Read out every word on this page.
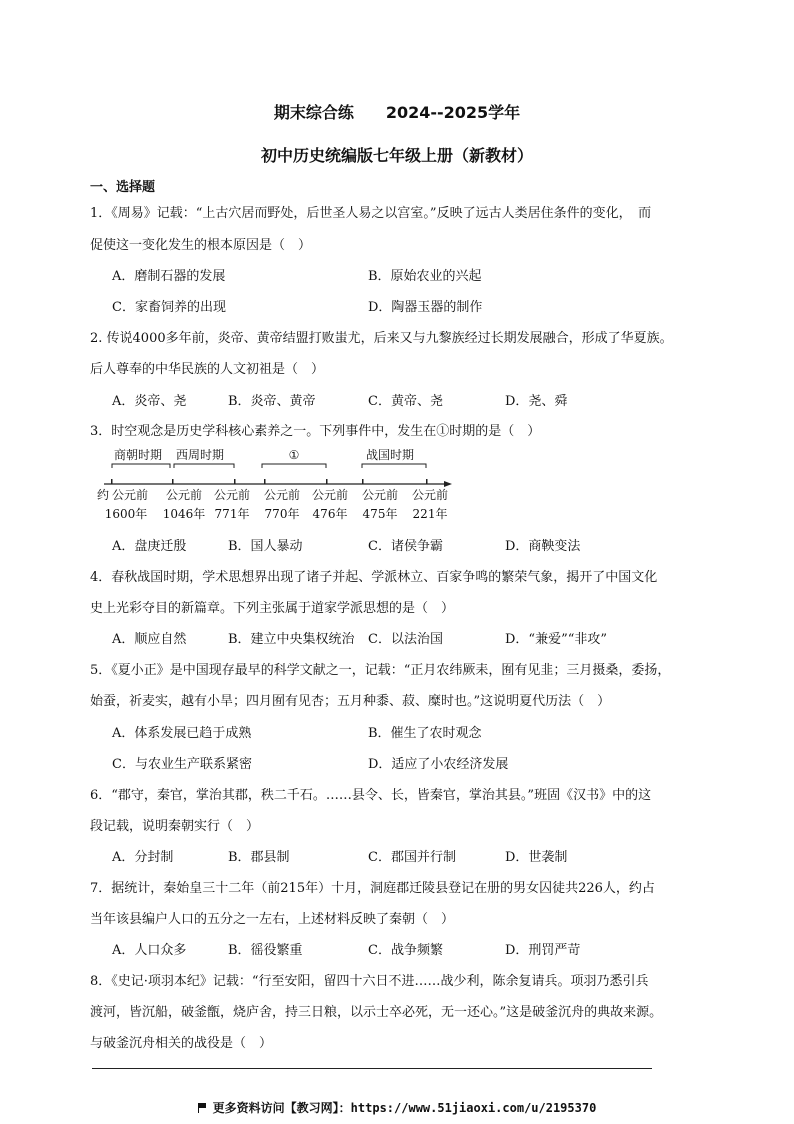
期末综合练　　2024--2025学年
初中历史统编版七年级上册（新教材）
一、选择题
1．《周易》记载：“上古穴居而野处，后世圣人易之以宫室。”反映了远古人类居住条件的变化，　而
促使这一变化发生的根本原因是（　）
A．磨制石器的发展	B．原始农业的兴起
C．家畜饲养的出现	D．陶器玉器的制作
2. 传说4000多年前，炎帝、黄帝结盟打败蚩尤，后来又与九黎族经过长期发展融合，形成了华夏族。
后人尊奉的中华民族的人文初祖是（　）
A．炎帝、尧	B．炎帝、黄帝	C．黄帝、尧	D．尧、舜
3．时空观念是历史学科核心素养之一。下列事件中，发生在①时期的是（　）
商朝时期 西周时期	①	战国时期
约 公元前 公元前 公元前 公元前 公元前 公元前 公元前
1600年 1046年 771年 770年 476年 475年 221年
A．盘庚迁殷	B．国人暴动	C．诸侯争霸	D．商鞅变法
4．春秋战国时期，学术思想界出现了诸子并起、学派林立、百家争鸣的繁荣气象，揭开了中国文化
史上光彩夺目的新篇章。下列主张属于道家学派思想的是（　）
A．顺应自然	B．建立中央集权统治 C．以法治国	D．“兼爱”“非攻”
5．《夏小正》是中国现存最早的科学文献之一，记载：“正月农纬厥耒，囿有见韭；三月摄桑，委扬，
始蚕，祈麦实，越有小旱；四月囿有见杏；五月种黍、菽、糜时也。”这说明夏代历法（　）
A．体系发展已趋于成熟	B．催生了农时观念
C．与农业生产联系紧密	D．适应了小农经济发展
6．“郡守，秦官，掌治其郡，秩二千石。……县令、长，皆秦官，掌治其县。”班固《汉书》中的这
段记载，说明秦朝实行（　）
A．分封制	B．郡县制	C．郡国并行制	D．世袭制
7．据统计，秦始皇三十二年（前215年）十月，洞庭郡迁陵县登记在册的男女囚徒共226人，约占
当年该县编户人口的五分之一左右，上述材料反映了秦朝（　）
A．人口众多	B．徭役繁重	C．战争频繁	D．刑罚严苛
8．《史记·项羽本纪》记载：“行至安阳，留四十六日不进……战少利，陈余复请兵。项羽乃悉引兵
渡河，皆沉船，破釜甑，烧庐舍，持三日粮，以示士卒必死，无一还心。”这是破釜沉舟的典故来源。
与破釜沉舟相关的战役是（　）
更多资料访问【教习网】：https://www.51jiaoxi.com/u/2195370
